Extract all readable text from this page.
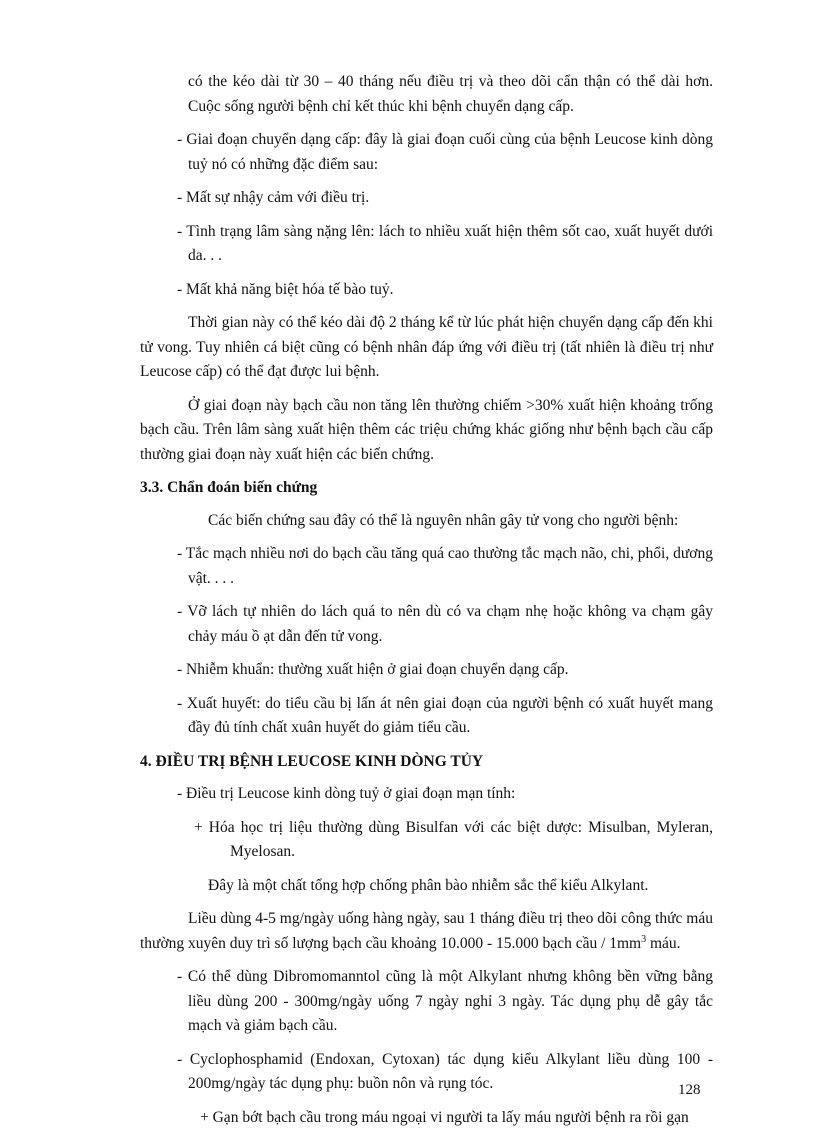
có the kéo dài từ 30 – 40 tháng nếu điều trị và theo dõi cẩn thận có thể dài hơn. Cuộc sống người bệnh chỉ kết thúc khi bệnh chuyển dạng cấp.
- Giai đoạn chuyển dạng cấp: đây là giai đoạn cuối cùng của bệnh Leucose kinh dòng tuỷ nó có những đặc điểm sau:
- Mất sự nhậy cảm với điều trị.
- Tình trạng lâm sàng nặng lên: lách to nhiều xuất hiện thêm sốt cao, xuất huyết dưới da. . .
- Mất khả năng biệt hóa tế bào tuỷ.
Thời gian này có thể kéo dài độ 2 tháng kể từ lúc phát hiện chuyển dạng cấp đến khi tử vong. Tuy nhiên cá biệt cũng có bệnh nhân đáp ứng với điều trị (tất nhiên là điều trị như Leucose cấp) có thể đạt được lui bệnh.
Ở giai đoạn này bạch cầu non tăng lên thường chiếm >30% xuất hiện khoảng trống bạch cầu. Trên lâm sàng xuất hiện thêm các triệu chứng khác giống như bệnh bạch cầu cấp thường giai đoạn này xuất hiện các biến chứng.
3.3. Chẩn đoán biến chứng
Các biến chứng sau đây có thể là nguyên nhân gây tử vong cho người bệnh:
- Tắc mạch nhiều nơi do bạch cầu tăng quá cao thường tắc mạch não, chi, phổi, dương vật. . . .
- Vỡ lách tự nhiên do lách quá to nên dù có va chạm nhẹ hoặc không va chạm gây chảy máu ồ ạt dẫn đến tử vong.
- Nhiễm khuẩn: thường xuất hiện ở giai đoạn chuyển dạng cấp.
- Xuất huyết: do tiểu cầu bị lấn át nên giai đoạn của người bệnh có xuất huyết mang đầy đủ tính chất xuân huyết do giảm tiểu cầu.
4. ĐIỀU TRỊ BỆNH LEUCOSE KINH DÒNG TỦY
- Điều trị Leucose kinh dòng tuỷ ở giai đoạn mạn tính:
+ Hóa học trị liệu thường dùng Bisulfan với các biệt dược: Misulban, Myleran, Myelosan.
Đây là một chất tổng hợp chống phân bào nhiễm sắc thể kiểu Alkylant.
Liều dùng 4-5 mg/ngày uống hàng ngày, sau 1 tháng điều trị theo dõi công thức máu thường xuyên duy trì số lượng bạch cầu khoảng 10.000 - 15.000 bạch cầu / $1mm^3$ máu.
- Có thể dùng Dibromomanntol cũng là một Alkylant nhưng không bền vững bằng liều dùng 200 - 300mg/ngày uống 7 ngày nghỉ 3 ngày. Tác dụng phụ dễ gây tắc mạch và giảm bạch cầu.
- Cyclophosphamid (Endoxan, Cytoxan) tác dụng kiểu Alkylant liều dùng 100 - 200mg/ngày tác dụng phụ: buồn nôn và rụng tóc.
+ Gạn bớt bạch cầu trong máu ngoại vi người ta lấy máu người bệnh ra rồi gạn
128
